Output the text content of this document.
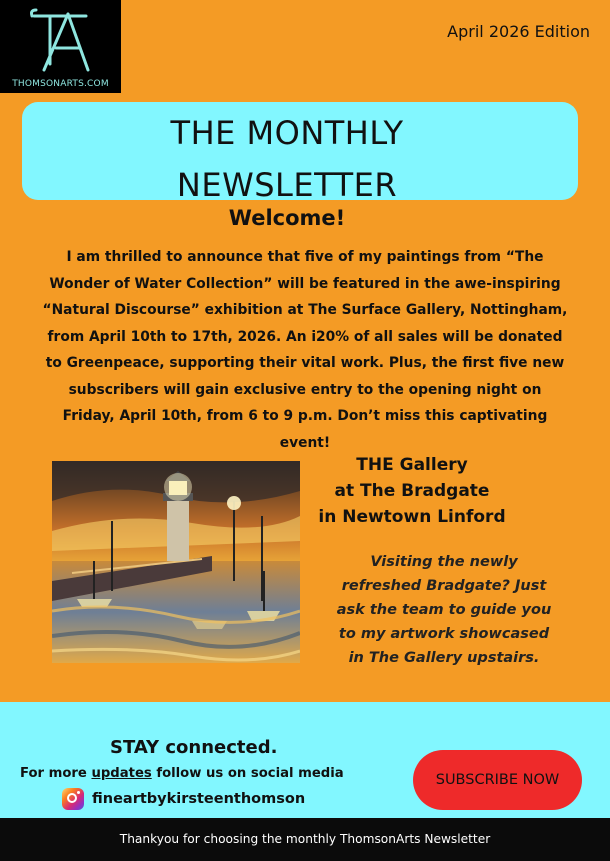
THOMSONARTS.COM
April 2026 Edition
THE MONTHLY
NEWSLETTER
Welcome!
I am thrilled to announce that five of my paintings from “The
Wonder of Water Collection” will be featured in the awe-inspiring
“Natural Discourse” exhibition at The Surface Gallery, Nottingham,
from April 10th to 17th, 2026. An i20% of all sales will be donated
to Greenpeace, supporting their vital work. Plus, the first five new
subscribers will gain exclusive entry to the opening night on
Friday, April 10th, from 6 to 9 p.m. Don’t miss this captivating
event!
THE Gallery
at The Bradgate
in Newtown Linford
Visiting the newly
refreshed Bradgate? Just
ask the team to guide you
to my artwork showcased
in The Gallery upstairs.
STAY connected.
For more updates follow us on social media
fineartbykirsteenthomson
SUBSCRIBE NOW
Thankyou for choosing the monthly ThomsonArts Newsletter
